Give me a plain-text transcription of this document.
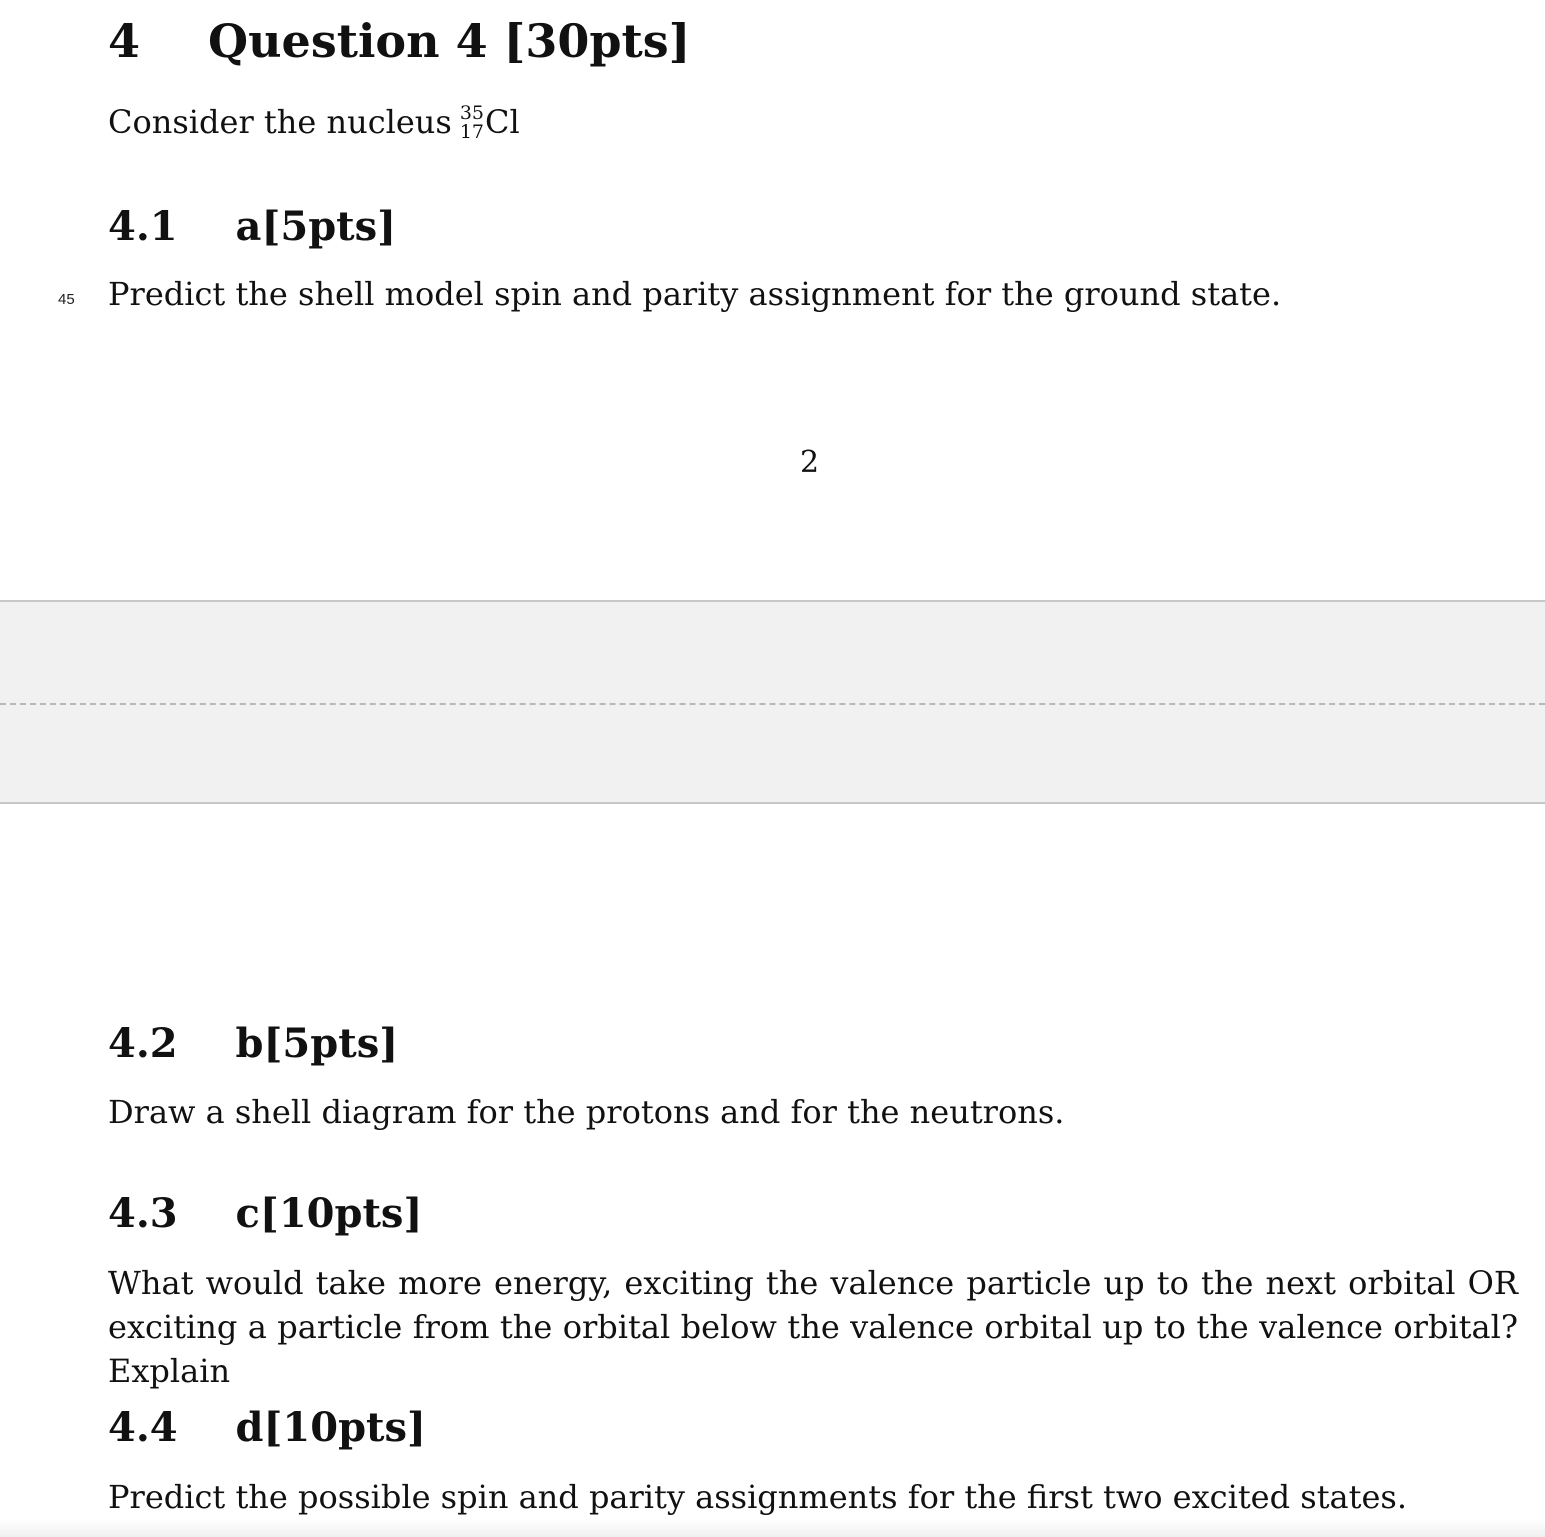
4 Question 4 [30pts]
Consider the nucleus 35
17 Cl
4.1 a[5pts]
45 Predict the shell model spin and parity assignment for the ground state.
2
4.2 b[5pts]
Draw a shell diagram for the protons and for the neutrons.
4.3 c[10pts]
What would take more energy, exciting the valence particle up to the next orbital OR exciting a particle from the orbital below the valence orbital up to the valence orbital? Explain
4.4 d[10pts]
Predict the possible spin and parity assignments for the first two excited states.
